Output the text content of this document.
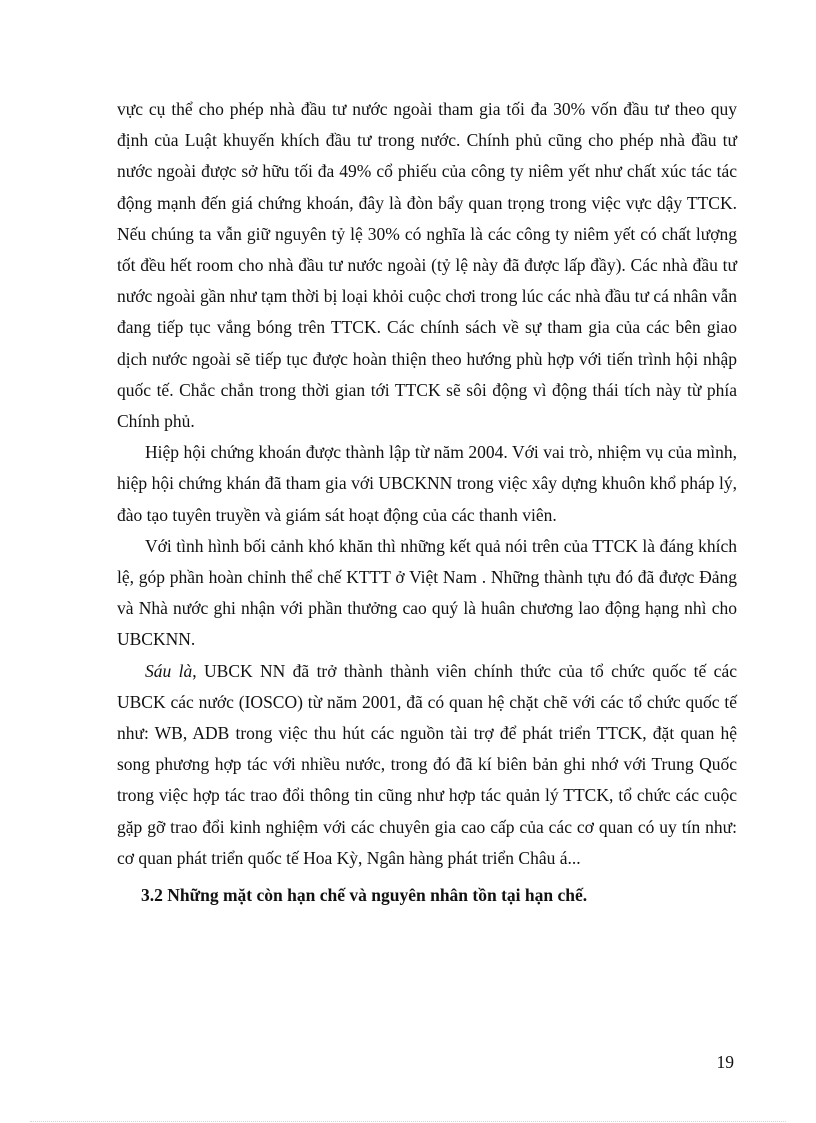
vực cụ thể cho phép nhà đầu tư nước ngoài tham gia tối đa 30% vốn đầu tư theo quy định của Luật khuyến khích đầu tư trong nước. Chính phủ cũng cho phép nhà đầu tư nước ngoài được sở hữu tối đa 49% cổ phiếu của công ty niêm yết như chất xúc tác tác động mạnh đến giá chứng khoán, đây là đòn bẩy quan trọng trong việc vực dậy TTCK. Nếu chúng ta vẫn giữ nguyên tỷ lệ 30% có nghĩa là các công ty niêm yết có chất lượng tốt đều hết room cho nhà đầu tư nước ngoài (tỷ lệ này đã được lấp đầy). Các nhà đầu tư nước ngoài gần như tạm thời bị loại khỏi cuộc chơi trong lúc các nhà đầu tư cá nhân vẫn đang tiếp tục vắng bóng trên TTCK. Các chính sách về sự tham gia của các bên giao dịch nước ngoài sẽ tiếp tục được hoàn thiện theo hướng phù hợp với tiến trình hội nhập quốc tế. Chắc chắn trong thời gian tới TTCK sẽ sôi động vì động thái tích này từ phía Chính phủ.

Hiệp hội chứng khoán được thành lập từ năm 2004. Với vai trò, nhiệm vụ của mình, hiệp hội chứng khán đã tham gia với UBCKNN trong việc xây dựng khuôn khổ pháp lý, đào tạo tuyên truyền và giám sát hoạt động của các thanh viên.

Với tình hình bối cảnh khó khăn thì những kết quả nói trên của TTCK là đáng khích lệ, góp phần hoàn chỉnh thể chế KTTT ở Việt Nam . Những thành tựu đó đã được Đảng và Nhà nước ghi nhận với phần thưởng cao quý là huân chương lao động hạng nhì cho UBCKNN.

Sáu là, UBCK NN đã trở thành thành viên chính thức của tổ chức quốc tế các UBCK các nước (IOSCO) từ năm 2001, đã có quan hệ chặt chẽ với các tổ chức quốc tế như: WB, ADB trong việc thu hút các nguồn tài trợ để phát triển TTCK, đặt quan hệ song phương hợp tác với nhiều nước, trong đó đã kí biên bản ghi nhớ với Trung Quốc trong việc hợp tác trao đổi thông tin cũng như hợp tác quản lý TTCK, tổ chức các cuộc gặp gỡ trao đổi kinh nghiệm với các chuyên gia cao cấp của các cơ quan có uy tín như: cơ quan phát triển quốc tế Hoa Kỳ, Ngân hàng phát triển Châu á...

3.2 Những mặt còn hạn chế và nguyên nhân tồn tại hạn chế.
19
